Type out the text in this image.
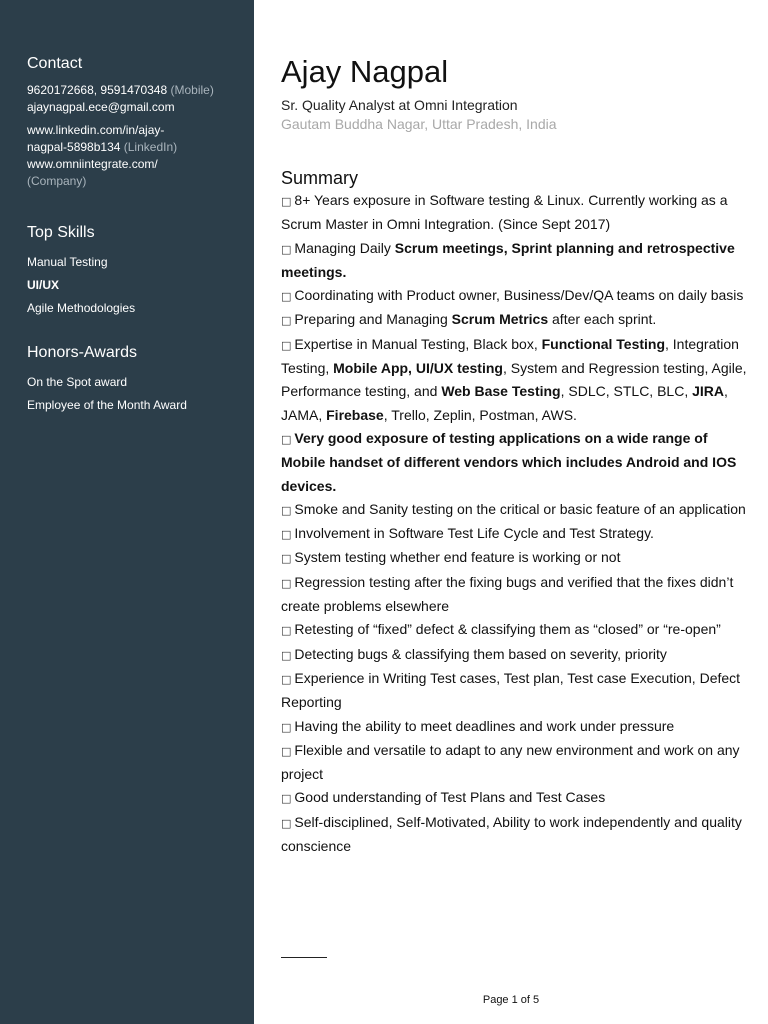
Contact
9620172668, 9591470348 (Mobile)
ajaynagpal.ece@gmail.com
www.linkedin.com/in/ajay-
nagpal-5898b134 (LinkedIn)
www.omniintegrate.com/
(Company)
Top Skills
Manual Testing
UI/UX
Agile Methodologies
Honors-Awards
On the Spot award
Employee of the Month Award
Ajay Nagpal
Sr. Quality Analyst at Omni Integration
Gautam Buddha Nagar, Uttar Pradesh, India
Summary
□ 8+ Years exposure in Software testing & Linux. Currently working as a Scrum Master in Omni Integration. (Since Sept 2017)
□ Managing Daily Scrum meetings, Sprint planning and retrospective meetings.
□ Coordinating with Product owner, Business/Dev/QA teams on daily basis
□ Preparing and Managing Scrum Metrics after each sprint.
□ Expertise in Manual Testing, Black box, Functional Testing, Integration Testing, Mobile App, UI/UX testing, System and Regression testing, Agile, Performance testing, and Web Base Testing, SDLC, STLC, BLC, JIRA, JAMA, Firebase, Trello, Zeplin, Postman, AWS.
□ Very good exposure of testing applications on a wide range of Mobile handset of different vendors which includes Android and IOS devices.
□ Smoke and Sanity testing on the critical or basic feature of an application
□ Involvement in Software Test Life Cycle and Test Strategy.
□ System testing whether end feature is working or not
□ Regression testing after the fixing bugs and verified that the fixes didn’t create problems elsewhere
□ Retesting of “fixed” defect & classifying them as “closed” or “re-open”
□ Detecting bugs & classifying them based on severity, priority
□ Experience in Writing Test cases, Test plan, Test case Execution, Defect Reporting
□ Having the ability to meet deadlines and work under pressure
□ Flexible and versatile to adapt to any new environment and work on any project
□ Good understanding of Test Plans and Test Cases
□ Self-disciplined, Self-Motivated, Ability to work independently and quality conscience
Page 1 of 5
